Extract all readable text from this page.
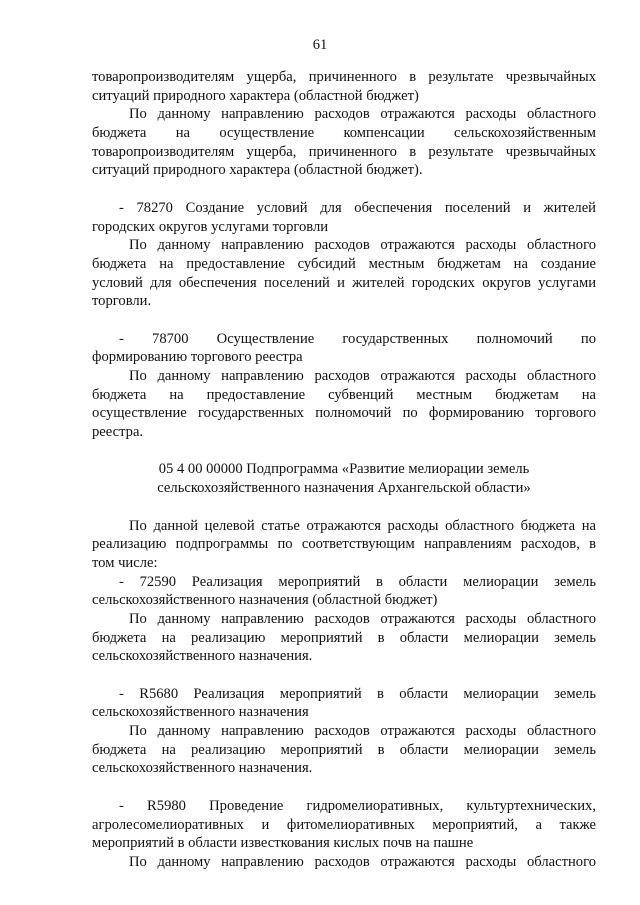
61
товаропроизводителям ущерба, причиненного в результате чрезвычайных
ситуаций природного характера (областной бюджет)
По данному направлению расходов отражаются расходы областного
бюджета на осуществление компенсации сельскохозяйственным
товаропроизводителям ущерба, причиненного в результате чрезвычайных
ситуаций природного характера (областной бюджет).
- 78270 Создание условий для обеспечения поселений и жителей
городских округов услугами торговли
По данному направлению расходов отражаются расходы областного
бюджета на предоставление субсидий местным бюджетам на создание
условий для обеспечения поселений и жителей городских округов услугами
торговли.
- 78700 Осуществление государственных полномочий по
формированию торгового реестра
По данному направлению расходов отражаются расходы областного
бюджета на предоставление субвенций местным бюджетам на
осуществление государственных полномочий по формированию торгового
реестра.
05 4 00 00000 Подпрограмма «Развитие мелиорации земель
сельскохозяйственного назначения Архангельской области»
По данной целевой статье отражаются расходы областного бюджета на
реализацию подпрограммы по соответствующим направлениям расходов, в
том числе:
- 72590 Реализация мероприятий в области мелиорации земель
сельскохозяйственного назначения (областной бюджет)
По данному направлению расходов отражаются расходы областного
бюджета на реализацию мероприятий в области мелиорации земель
сельскохозяйственного назначения.
- R5680 Реализация мероприятий в области мелиорации земель
сельскохозяйственного назначения
По данному направлению расходов отражаются расходы областного
бюджета на реализацию мероприятий в области мелиорации земель
сельскохозяйственного назначения.
- R5980 Проведение гидромелиоративных, культуртехнических,
агролесомелиоративных и фитомелиоративных мероприятий, а также
мероприятий в области известкования кислых почв на пашне
По данному направлению расходов отражаются расходы областного
